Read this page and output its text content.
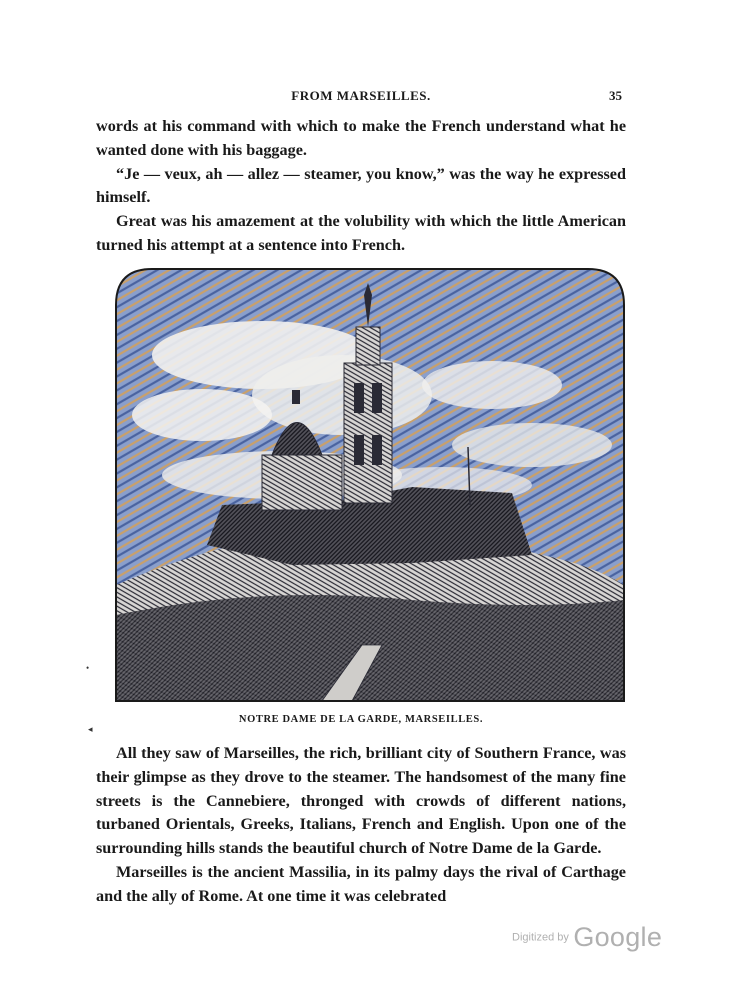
FROM MARSEILLES.	35

words at his command with which to make the French understand what he wanted done with his baggage.

“Je — veux, ah — allez — steamer, you know,” was the way he expressed himself.

Great was his amazement at the volubility with which the little American turned his attempt at a sentence into French.

NOTRE DAME DE LA GARDE, MARSEILLES.
•
◂

All they saw of Marseilles, the rich, brilliant city of Southern France, was their glimpse as they drove to the steamer. The handsomest of the many fine streets is the Cannebiere, thronged with crowds of different nations, turbaned Orientals, Greeks, Italians, French and English. Upon one of the surrounding hills stands the beautiful church of Notre Dame de la Garde.

Marseilles is the ancient Massilia, in its palmy days the rival of Carthage and the ally of Rome. At one time it was celebrated

Digitized by Google
